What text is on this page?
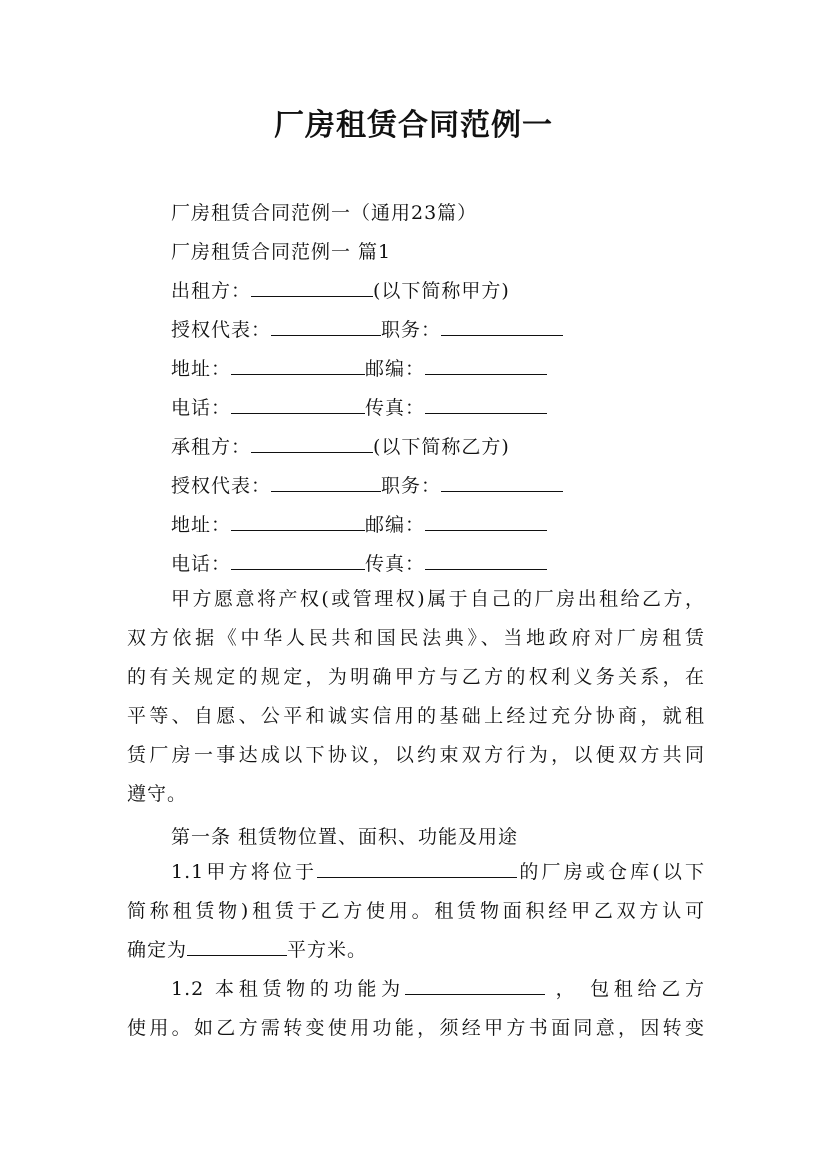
厂房租赁合同范例一
厂房租赁合同范例一（通用23篇）
厂房租赁合同范例一 篇1
出租方：	(以下简称甲方)
授权代表：	职务：
地址：	邮编：
电话：	传真：
承租方：	(以下简称乙方)
授权代表：	职务：
地址：	邮编：
电话：	传真：
甲方愿意将产权(或管理权)属于自己的厂房出租给乙方，
双方依据《中华人民共和国民法典》、当地政府对厂房租赁
的有关规定的规定，为明确甲方与乙方的权利义务关系，在
平等、自愿、公平和诚实信用的基础上经过充分协商，就租
赁厂房一事达成以下协议，以约束双方行为，以便双方共同
遵守。
第一条 租赁物位置、面积、功能及用途
1.1甲方将位于	的厂房或仓库(以下
简称租赁物)租赁于乙方使用。租赁物面积经甲乙双方认可
确定为	平方米。
1.2 本租赁物的功能为	， 包租给乙方
使用。如乙方需转变使用功能，须经甲方书面同意，因转变
